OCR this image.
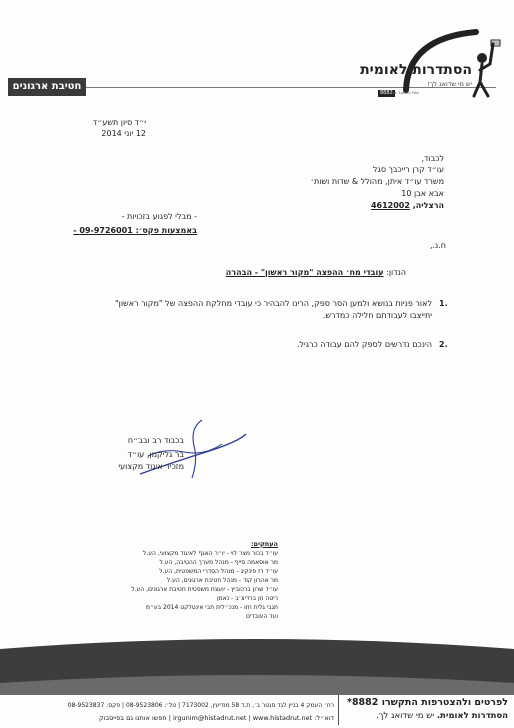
חטיבת ארגונים
הסתדרות לאומית
יש מי שדואג לך!
8882
Nat. Labour Fed.
י״ד סיון תשע״ד
12 יוני 2014
לכבוד,
עו״ד קרן רייכבך סגל
משרד עו״ד איתן, מהולל & שדות ושות׳
אבא אבן 10
הרצליה, 4612002
- מבלי לפגוע בזכויות -
באמצעות פקס׳: 09-9726001 -
ח.נ.,
הנדון: עובדי מח׳ ההפצה "מקור ראשון" - הבהרה
1.
לאור פניות בנושא ולמען הסר ספק, הרינו להבהיר כי עובדי מחלקת ההפצה של "מקור ראשון"
יתייצבו לעבודתם חלילה כמדרש.
2.
הינכם נדרשים לספק להם עבודה כרגיל.
בכבוד רב ובב״ח
בר גליקמן, עו״ד
מזכיר איגוד מקצועי
העתקים:
עו״ד בכור מצר לוי - יו״ר האגף לאיגוד מקצועי, הע.ל
מר אוסאמה סייף - מנהל מערך ההטיבה, הע.ל
עו״ד רז פינקיג - מנהל הסדרי המשפטית, הע.ל
מר אהרון קוד - מנהל חטיבת ארגונים, הע.ל
עו״ד שרון ברכוביץ - יועצת משפטית חטיבת ארגונים, הע.ל
ריטה חן ברדיצ׳ב - נאמן
תגבי גלית חזו - מנכ״לית תבי אינטלקט 2014 בע״מ
ועד העובדים
לפרטים ולהצטרפות התקשרו 8882*
הסתדרות לאומית. יש מי שדואג לך.
רח׳ העמק 4 בניין לגד סנטר ב׳, ת.ד 58 מודיעין, 7173002 | טל׳: 08-9523806 | פקס: 08-9523837
דוא״ל: irgunim@histadrut.net | www.histadrut.net | חפשו אותנו גם בפייסבוק
